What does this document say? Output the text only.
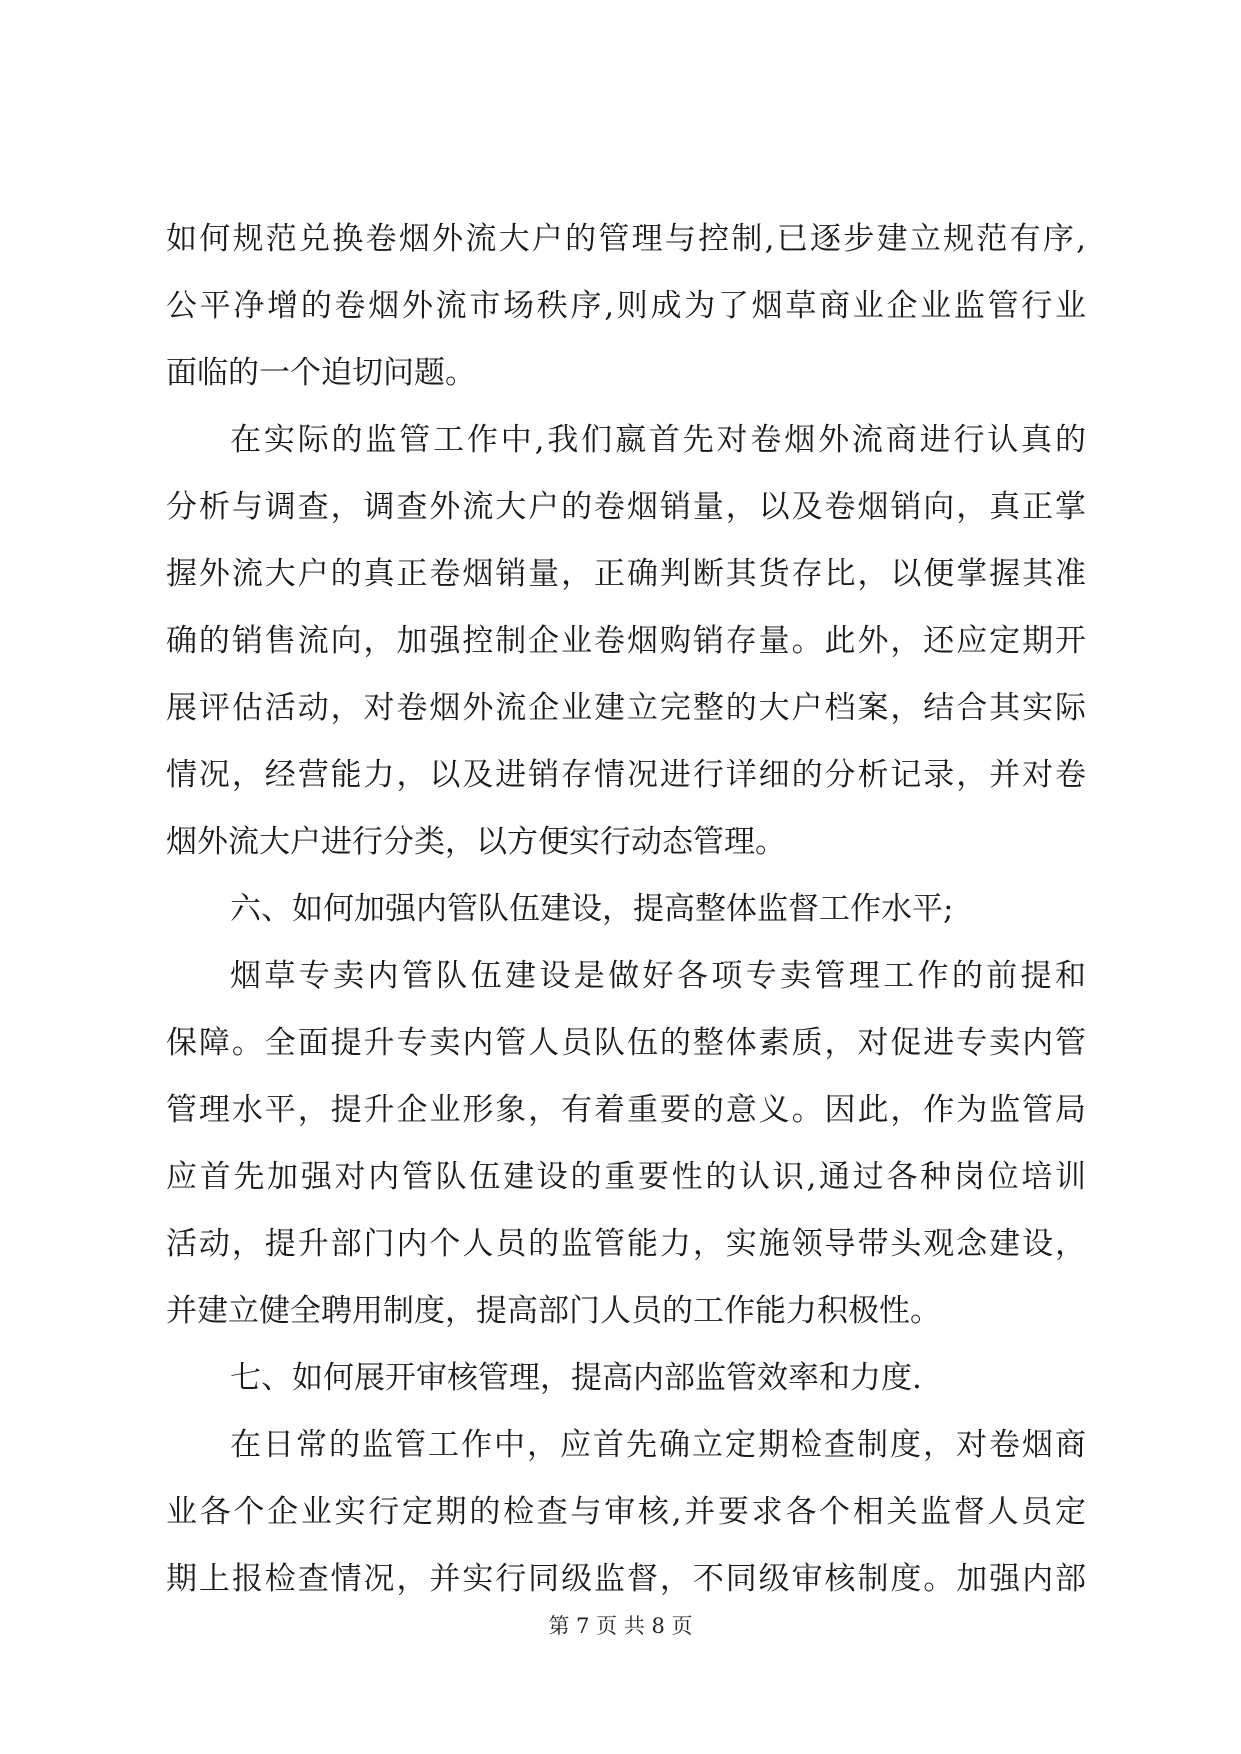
如何规范兑换卷烟外流大户的管理与控制,已逐步建立规范有序,
公平净增的卷烟外流市场秩序,则成为了烟草商业企业监管行业
面临的一个迫切问题。
在实际的监管工作中,我们嬴首先对卷烟外流商进行认真的
分析与调查，调查外流大户的卷烟销量，以及卷烟销向，真正掌
握外流大户的真正卷烟销量，正确判断其货存比，以便掌握其准
确的销售流向，加强控制企业卷烟购销存量。此外，还应定期开
展评估活动，对卷烟外流企业建立完整的大户档案，结合其实际
情况，经营能力，以及进销存情况进行详细的分析记录，并对卷
烟外流大户进行分类，以方便实行动态管理。
六、如何加强内管队伍建设，提高整体监督工作水平;
烟草专卖内管队伍建设是做好各项专卖管理工作的前提和
保障。全面提升专卖内管人员队伍的整体素质，对促进专卖内管
管理水平，提升企业形象，有着重要的意义。因此，作为监管局
应首先加强对内管队伍建设的重要性的认识,通过各种岗位培训
活动，提升部门内个人员的监管能力，实施领导带头观念建设，
并建立健全聘用制度，提高部门人员的工作能力积极性。
七、如何展开审核管理，提高内部监管效率和力度.
在日常的监管工作中，应首先确立定期检查制度，对卷烟商
业各个企业实行定期的检查与审核,并要求各个相关监督人员定
期上报检查情况，并实行同级监督，不同级审核制度。加强内部
第 7 页 共 8 页
